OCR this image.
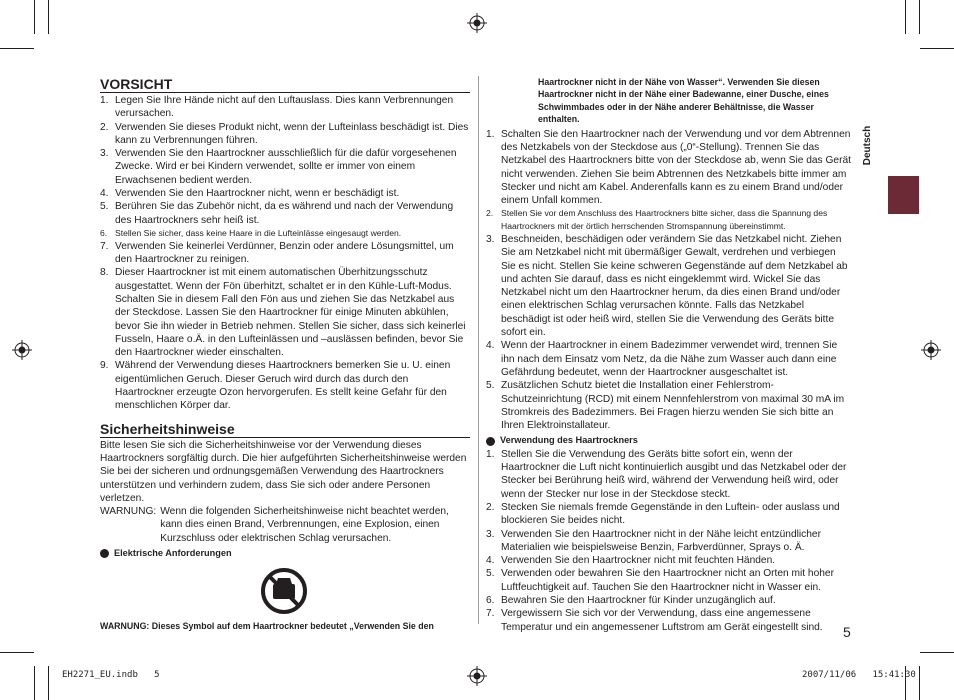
VORSICHT
1. Legen Sie Ihre Hände nicht auf den Luftauslass. Dies kann Verbrennungen verursachen.
2. Verwenden Sie dieses Produkt nicht, wenn der Lufteinlass beschädigt ist. Dies kann zu Verbrennungen führen.
3. Verwenden Sie den Haartrockner ausschließlich für die dafür vorgesehenen Zwecke. Wird er bei Kindern verwendet, sollte er immer von einem Erwachsenen bedient werden.
4. Verwenden Sie den Haartrockner nicht, wenn er beschädigt ist.
5. Berühren Sie das Zubehör nicht, da es während und nach der Verwendung des Haartrockners sehr heiß ist.
6. Stellen Sie sicher, dass keine Haare in die Lufteinlässe eingesaugt werden.
7. Verwenden Sie keinerlei Verdünner, Benzin oder andere Lösungsmittel, um den Haartrockner zu reinigen.
8. Dieser Haartrockner ist mit einem automatischen Überhitzungsschutz ausgestattet. Wenn der Fön überhitzt, schaltet er in den Kühle-Luft-Modus. Schalten Sie in diesem Fall den Fön aus und ziehen Sie das Netzkabel aus der Steckdose. Lassen Sie den Haartrockner für einige Minuten abkühlen, bevor Sie ihn wieder in Betrieb nehmen. Stellen Sie sicher, dass sich keinerlei Fusseln, Haare o.Ä. in den Lufteinlässen und –auslässen befinden, bevor Sie den Haartrockner wieder einschalten.
9. Während der Verwendung dieses Haartrockners bemerken Sie u. U. einen eigentümlichen Geruch. Dieser Geruch wird durch das durch den Haartrockner erzeugte Ozon hervorgerufen. Es stellt keine Gefahr für den menschlichen Körper dar.
Sicherheitshinweise

Bitte lesen Sie sich die Sicherheitshinweise vor der Verwendung dieses Haartrockners sorgfältig durch. Die hier aufgeführten Sicherheitshinweise werden Sie bei der sicheren und ordnungsgemäßen Verwendung des Haartrockners unterstützen und verhindern zudem, dass Sie sich oder andere Personen verletzen.

WARNUNG: Wenn die folgenden Sicherheitshinweise nicht beachtet werden, kann dies einen Brand, Verbrennungen, eine Explosion, einen Kurzschluss oder elektrischen Schlag verursachen.
Elektrische Anforderungen
WARNUNG: Dieses Symbol auf dem Haartrockner bedeutet „Verwenden Sie den
Haartrockner nicht in der Nähe von Wasser“. Verwenden Sie diesen Haartrockner nicht in der Nähe einer Badewanne, einer Dusche, eines Schwimmbades oder in der Nähe anderer Behältnisse, die Wasser enthalten.
1. Schalten Sie den Haartrockner nach der Verwendung und vor dem Abtrennen des Netzkabels von der Steckdose aus („0“-Stellung). Trennen Sie das Netzkabel des Haartrockners bitte von der Steckdose ab, wenn Sie das Gerät nicht verwenden. Ziehen Sie beim Abtrennen des Netzkabels bitte immer am Stecker und nicht am Kabel. Anderenfalls kann es zu einem Brand und/oder einem Unfall kommen.
2. Stellen Sie vor dem Anschluss des Haartrockners bitte sicher, dass die Spannung des Haartrockners mit der örtlich herrschenden Stromspannung übereinstimmt.
3. Beschneiden, beschädigen oder verändern Sie das Netzkabel nicht. Ziehen Sie am Netzkabel nicht mit übermäßiger Gewalt, verdrehen und verbiegen Sie es nicht. Stellen Sie keine schweren Gegenstände auf dem Netzkabel ab und achten Sie darauf, dass es nicht eingeklemmt wird. Wickel Sie das Netzkabel nicht um den Haartrockner herum, da dies einen Brand und/oder einen elektrischen Schlag verursachen könnte. Falls das Netzkabel beschädigt ist oder heiß wird, stellen Sie die Verwendung des Geräts bitte sofort ein.
4. Wenn der Haartrockner in einem Badezimmer verwendet wird, trennen Sie ihn nach dem Einsatz vom Netz, da die Nähe zum Wasser auch dann eine Gefährdung bedeutet, wenn der Haartrockner ausgeschaltet ist.
5. Zusätzlichen Schutz bietet die Installation einer Fehlerstrom-Schutzeinrichtung (RCD) mit einem Nennfehlerstrom von maximal 30 mA im Stromkreis des Badezimmers. Bei Fragen hierzu wenden Sie sich bitte an Ihren Elektroinstallateur.
Verwendung des Haartrockners
1. Stellen Sie die Verwendung des Geräts bitte sofort ein, wenn der Haartrockner die Luft nicht kontinuierlich ausgibt und das Netzkabel oder der Stecker bei Berührung heiß wird, während der Verwendung heiß wird, oder wenn der Stecker nur lose in der Steckdose steckt.
2. Stecken Sie niemals fremde Gegenstände in den Luftein- oder auslass und blockieren Sie beides nicht.
3. Verwenden Sie den Haartrockner nicht in der Nähe leicht entzündlicher Materialien wie beispielsweise Benzin, Farbverdünner, Sprays o. Ä.
4. Verwenden Sie den Haartrockner nicht mit feuchten Händen.
5. Verwenden oder bewahren Sie den Haartrockner nicht an Orten mit hoher Luftfeuchtigkeit auf. Tauchen Sie den Haartrockner nicht in Wasser ein.
6. Bewahren Sie den Haartrockner für Kinder unzugänglich auf.
7. Vergewissern Sie sich vor der Verwendung, dass eine angemessene Temperatur und ein angemessener Luftstrom am Gerät eingestellt sind.
Deutsch
5
EH2271_EU.indb 5	2007/11/06 15:41:30
